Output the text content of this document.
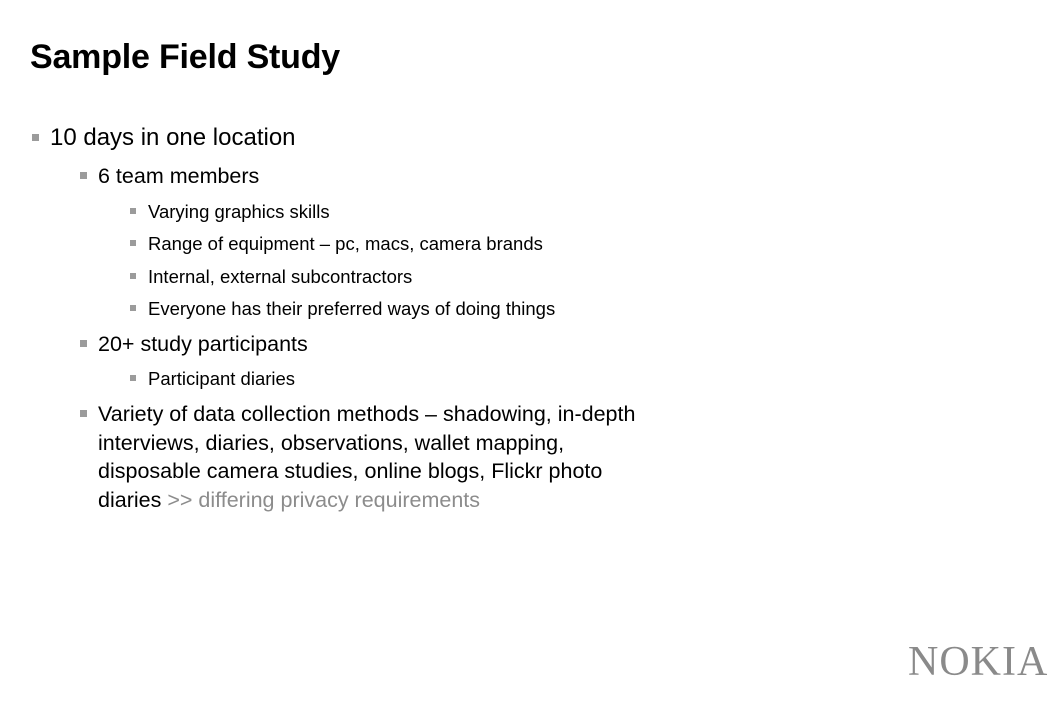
Sample Field Study
10 days in one location
6 team members
Varying graphics skills
Range of equipment – pc, macs, camera brands
Internal, external subcontractors
Everyone has their preferred ways of doing things
20+ study participants
Participant diaries
Variety of data collection methods – shadowing, in-depth interviews, diaries, observations, wallet mapping, disposable camera studies, online blogs, Flickr photo diaries >> differing privacy requirements
NOKIA
